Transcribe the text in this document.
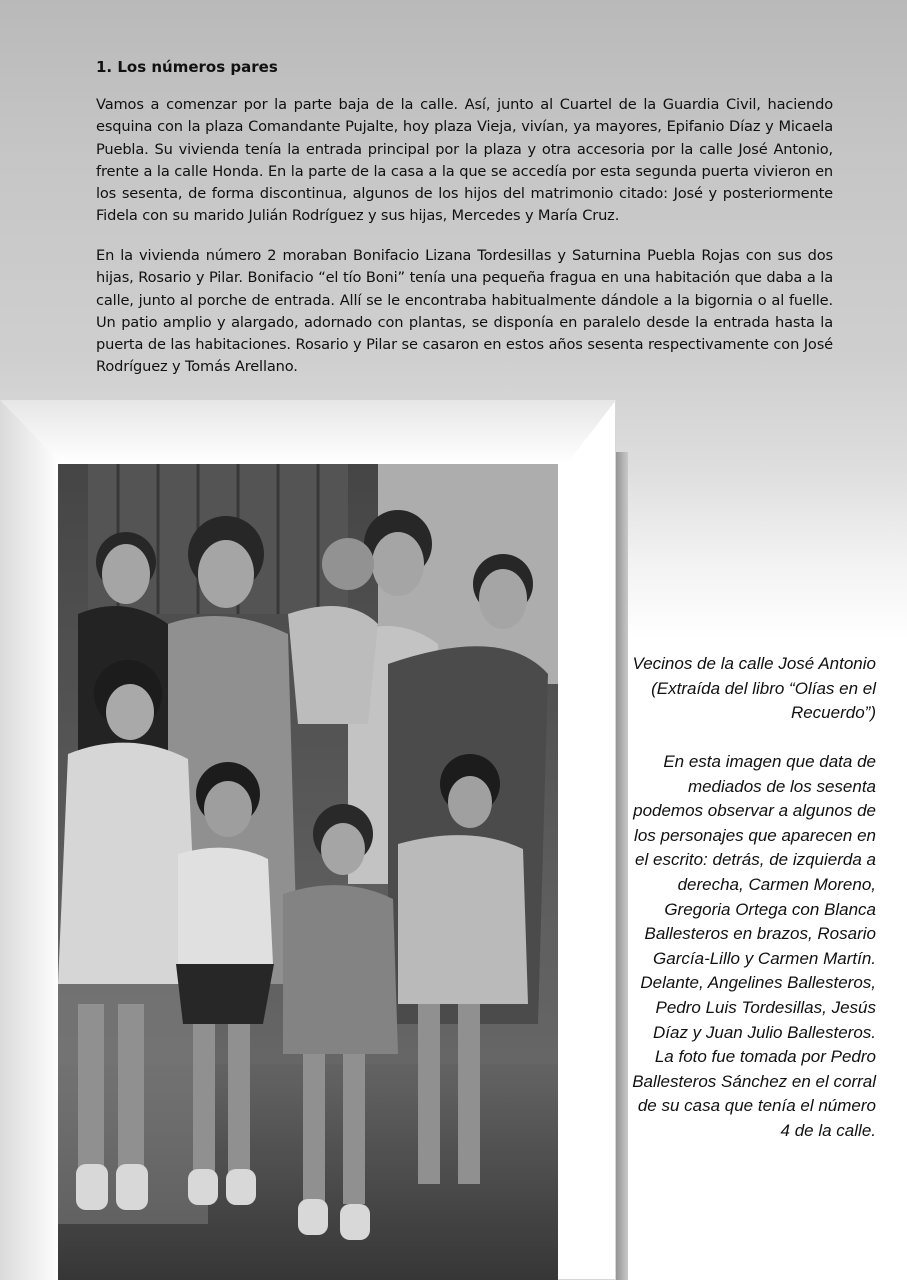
1. Los números pares

Vamos a comenzar por la parte baja de la calle. Así, junto al Cuartel de la Guardia Civil, haciendo esquina con la plaza Comandante Pujalte, hoy plaza Vieja, vivían, ya mayores, Epifanio Díaz y Micaela Puebla. Su vivienda tenía la entrada principal por la plaza y otra accesoria por la calle José Antonio, frente a la calle Honda. En la parte de la casa a la que se accedía por esta segunda puerta vivieron en los sesenta, de forma discontinua, algunos de los hijos del matrimonio citado: José y posteriormente Fidela con su marido Julián Rodríguez y sus hijas, Mercedes y María Cruz.

En la vivienda número 2 moraban Bonifacio Lizana Tordesillas y Saturnina Puebla Rojas con sus dos hijas, Rosario y Pilar. Bonifacio “el tío Boni” tenía una pequeña fragua en una habitación que daba a la calle, junto al porche de entrada. Allí se le encontraba habitualmente dándole a la bigornia o al fuelle. Un patio amplio y alargado, adornado con plantas, se disponía en paralelo desde la entrada hasta la puerta de las habitaciones. Rosario y Pilar se casaron en estos años sesenta respectivamente con José Rodríguez y Tomás Arellano.

Vecinos de la calle José Antonio (Extraída del libro “Olías en el Recuerdo”)

En esta imagen que data de mediados de los sesenta podemos observar a algunos de los personajes que aparecen en el escrito: detrás, de izquierda a derecha, Carmen Moreno, Gregoria Ortega con Blanca Ballesteros en brazos, Rosario García-Lillo y Carmen Martín. Delante, Angelines Ballesteros, Pedro Luis Tordesillas, Jesús Díaz y Juan Julio Ballesteros. La foto fue tomada por Pedro Ballesteros Sánchez en el corral de su casa que tenía el número 4 de la calle.
